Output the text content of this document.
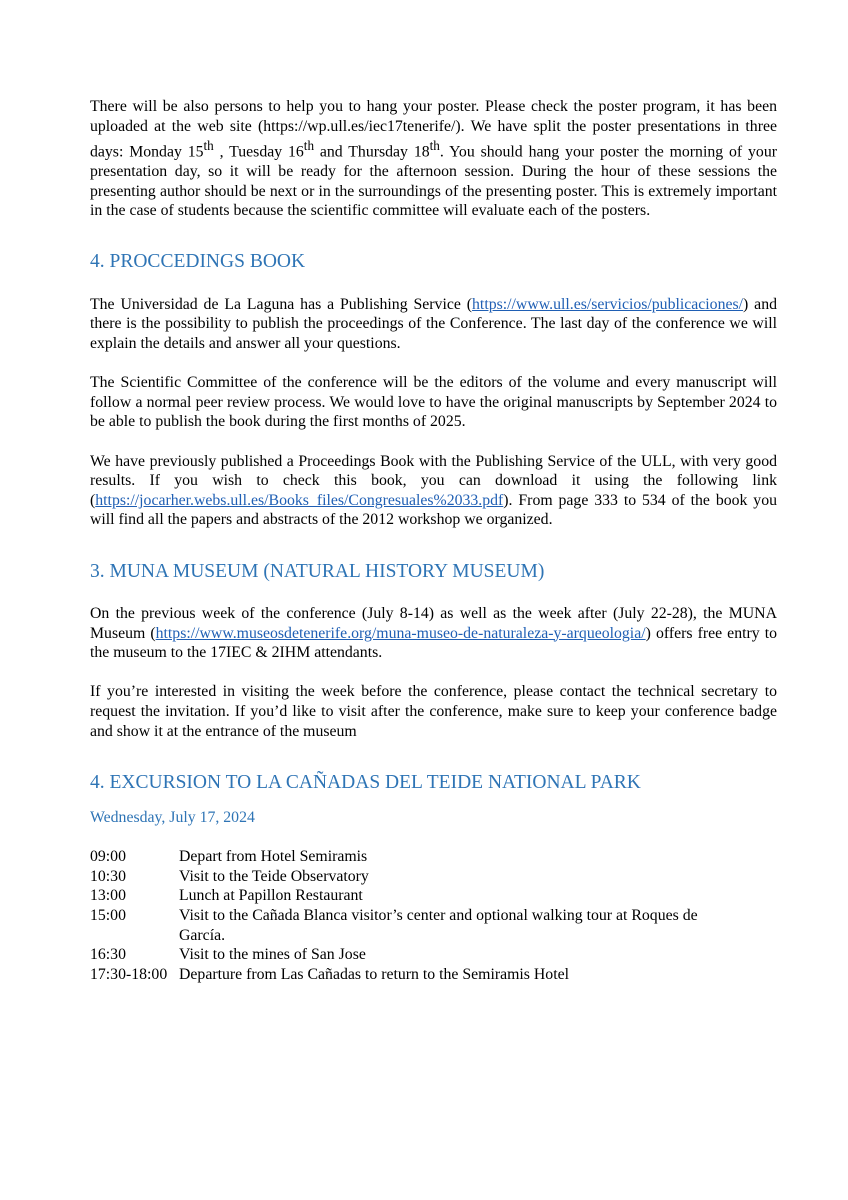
There will be also persons to help you to hang your poster. Please check the poster program, it has been uploaded at the web site (https://wp.ull.es/iec17tenerife/). We have split the poster presentations in three days: Monday 15th , Tuesday 16th and Thursday 18th. You should hang your poster the morning of your presentation day, so it will be ready for the afternoon session. During the hour of these sessions the presenting author should be next or in the surroundings of the presenting poster. This is extremely important in the case of students because the scientific committee will evaluate each of the posters.

4. PROCCEDINGS BOOK

The Universidad de La Laguna has a Publishing Service (https://www.ull.es/servicios/publicaciones/) and there is the possibility to publish the proceedings of the Conference. The last day of the conference we will explain the details and answer all your questions.

The Scientific Committee of the conference will be the editors of the volume and every manuscript will follow a normal peer review process. We would love to have the original manuscripts by September 2024 to be able to publish the book during the first months of 2025.

We have previously published a Proceedings Book with the Publishing Service of the ULL, with very good results. If you wish to check this book, you can download it using the following link (https://jocarher.webs.ull.es/Books_files/Congresuales%2033.pdf). From page 333 to 534 of the book you will find all the papers and abstracts of the 2012 workshop we organized.

3. MUNA MUSEUM (NATURAL HISTORY MUSEUM)

On the previous week of the conference (July 8-14) as well as the week after (July 22-28), the MUNA Museum (https://www.museosdetenerife.org/muna-museo-de-naturaleza-y-arqueologia/) offers free entry to the museum to the 17IEC & 2IHM attendants.

If you’re interested in visiting the week before the conference, please contact the technical secretary to request the invitation. If you’d like to visit after the conference, make sure to keep your conference badge and show it at the entrance of the museum

4. EXCURSION TO LA CAÑADAS DEL TEIDE NATIONAL PARK

Wednesday, July 17, 2024

09:00	Depart from Hotel Semiramis
10:30	Visit to the Teide Observatory
13:00	Lunch at Papillon Restaurant
15:00	Visit to the Cañada Blanca visitor’s center and optional walking tour at Roques de García.
16:30	Visit to the mines of San Jose
17:30-18:00 Departure from Las Cañadas to return to the Semiramis Hotel
